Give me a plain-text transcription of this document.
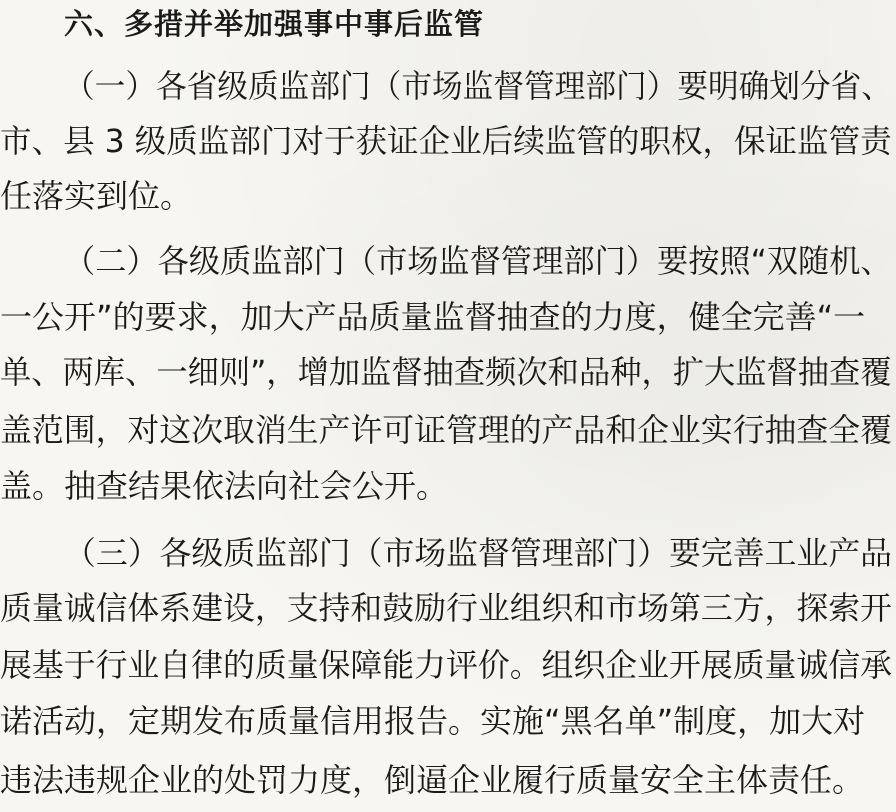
六、多措并举加强事中事后监管
（一）各省级质监部门（市场监督管理部门）要明确划分省、
市、县 3 级质监部门对于获证企业后续监管的职权，保证监管责
任落实到位。
（二）各级质监部门（市场监督管理部门）要按照“双随机、
一公开”的要求，加大产品质量监督抽查的力度，健全完善“一
单、两库、一细则”，增加监督抽查频次和品种，扩大监督抽查覆
盖范围，对这次取消生产许可证管理的产品和企业实行抽查全覆
盖。抽查结果依法向社会公开。
（三）各级质监部门（市场监督管理部门）要完善工业产品
质量诚信体系建设，支持和鼓励行业组织和市场第三方，探索开
展基于行业自律的质量保障能力评价。组织企业开展质量诚信承
诺活动，定期发布质量信用报告。实施“黑名单”制度，加大对
违法违规企业的处罚力度，倒逼企业履行质量安全主体责任。
